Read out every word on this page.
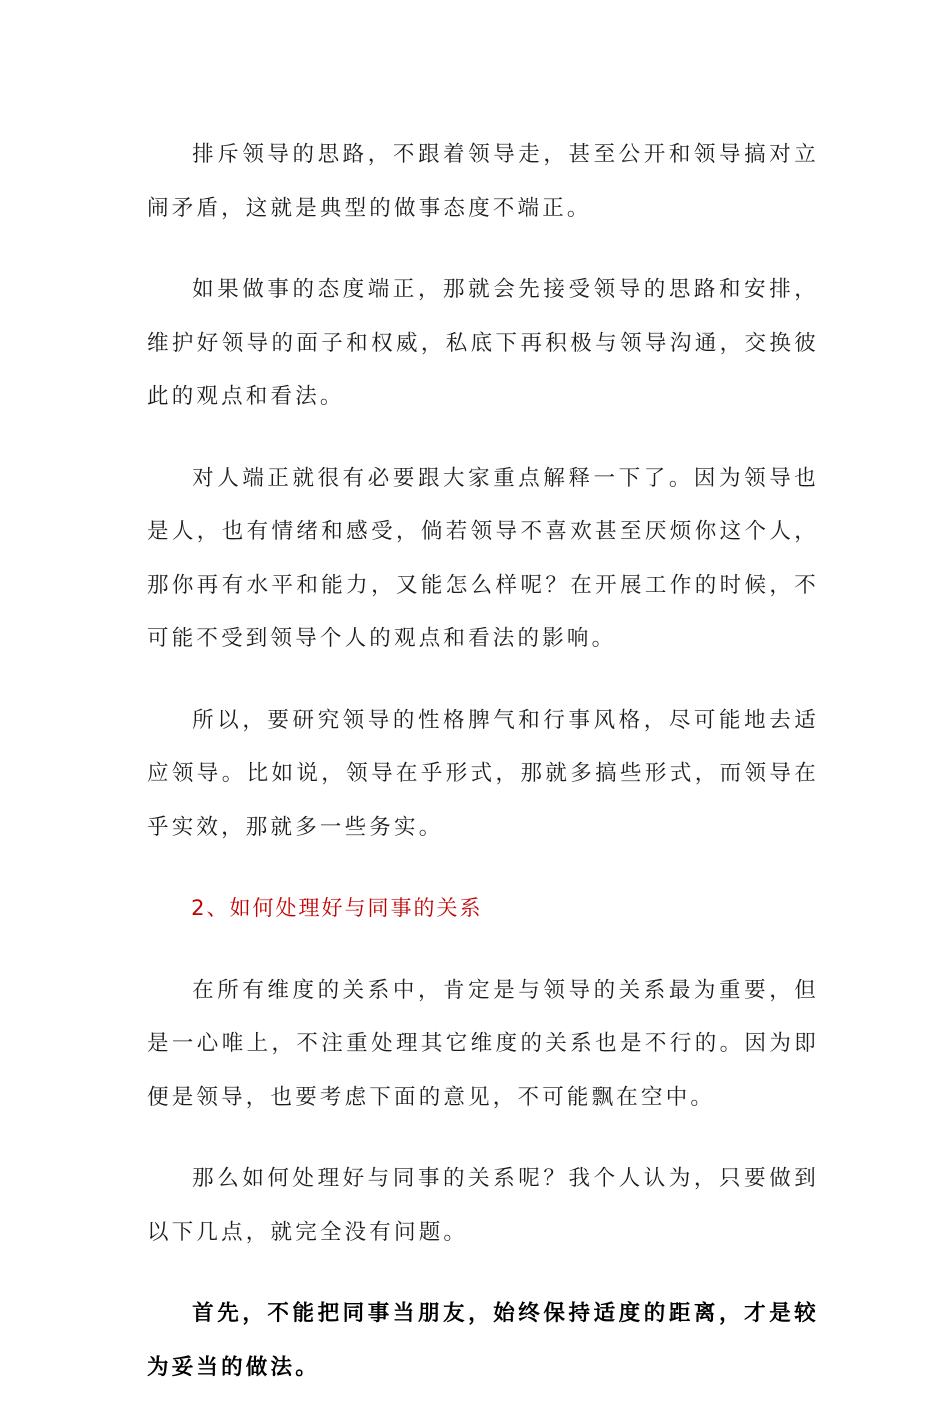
排斥领导的思路，不跟着领导走，甚至公开和领导搞对立闹矛盾，这就是典型的做事态度不端正。

如果做事的态度端正，那就会先接受领导的思路和安排，维护好领导的面子和权威，私底下再积极与领导沟通，交换彼此的观点和看法。

对人端正就很有必要跟大家重点解释一下了。因为领导也是人，也有情绪和感受，倘若领导不喜欢甚至厌烦你这个人，那你再有水平和能力，又能怎么样呢？在开展工作的时候，不可能不受到领导个人的观点和看法的影响。

所以，要研究领导的性格脾气和行事风格，尽可能地去适应领导。比如说，领导在乎形式，那就多搞些形式，而领导在乎实效，那就多一些务实。

2、如何处理好与同事的关系

在所有维度的关系中，肯定是与领导的关系最为重要，但是一心唯上，不注重处理其它维度的关系也是不行的。因为即便是领导，也要考虑下面的意见，不可能飘在空中。

那么如何处理好与同事的关系呢？我个人认为，只要做到以下几点，就完全没有问题。

首先，不能把同事当朋友，始终保持适度的距离，才是较为妥当的做法。
